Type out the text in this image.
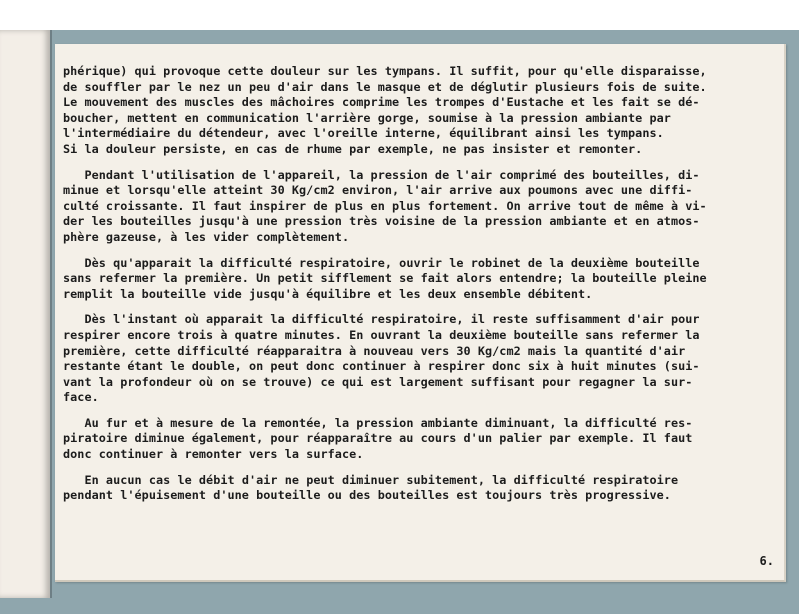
phérique) qui provoque cette douleur sur les tympans. Il suffit, pour qu'elle disparaisse,
de souffler par le nez un peu d'air dans le masque et de déglutir plusieurs fois de suite.
Le mouvement des muscles des mâchoires comprime les trompes d'Eustache et les fait se dé-
boucher, mettent en communication l'arrière gorge, soumise à la pression ambiante par
l'intermédiaire du détendeur, avec l'oreille interne, équilibrant ainsi les tympans.
Si la douleur persiste, en cas de rhume par exemple, ne pas insister et remonter.

Pendant l'utilisation de l'appareil, la pression de l'air comprimé des bouteilles, di-
minue et lorsqu'elle atteint 30 Kg/cm2 environ, l'air arrive aux poumons avec une diffi-
culté croissante. Il faut inspirer de plus en plus fortement. On arrive tout de même à vi-
der les bouteilles jusqu'à une pression très voisine de la pression ambiante et en atmos-
phère gazeuse, à les vider complètement.

Dès qu'apparait la difficulté respiratoire, ouvrir le robinet de la deuxième bouteille
sans refermer la première. Un petit sifflement se fait alors entendre; la bouteille pleine
remplit la bouteille vide jusqu'à équilibre et les deux ensemble débitent.

Dès l'instant où apparait la difficulté respiratoire, il reste suffisamment d'air pour
respirer encore trois à quatre minutes. En ouvrant la deuxième bouteille sans refermer la
première, cette difficulté réapparaitra à nouveau vers 30 Kg/cm2 mais la quantité d'air
restante étant le double, on peut donc continuer à respirer donc six à huit minutes (sui-
vant la profondeur où on se trouve) ce qui est largement suffisant pour regagner la sur-
face.

Au fur et à mesure de la remontée, la pression ambiante diminuant, la difficulté res-
piratoire diminue également, pour réapparaître au cours d'un palier par exemple. Il faut
donc continuer à remonter vers la surface.

En aucun cas le débit d'air ne peut diminuer subitement, la difficulté respiratoire
pendant l'épuisement d'une bouteille ou des bouteilles est toujours très progressive.

6.
